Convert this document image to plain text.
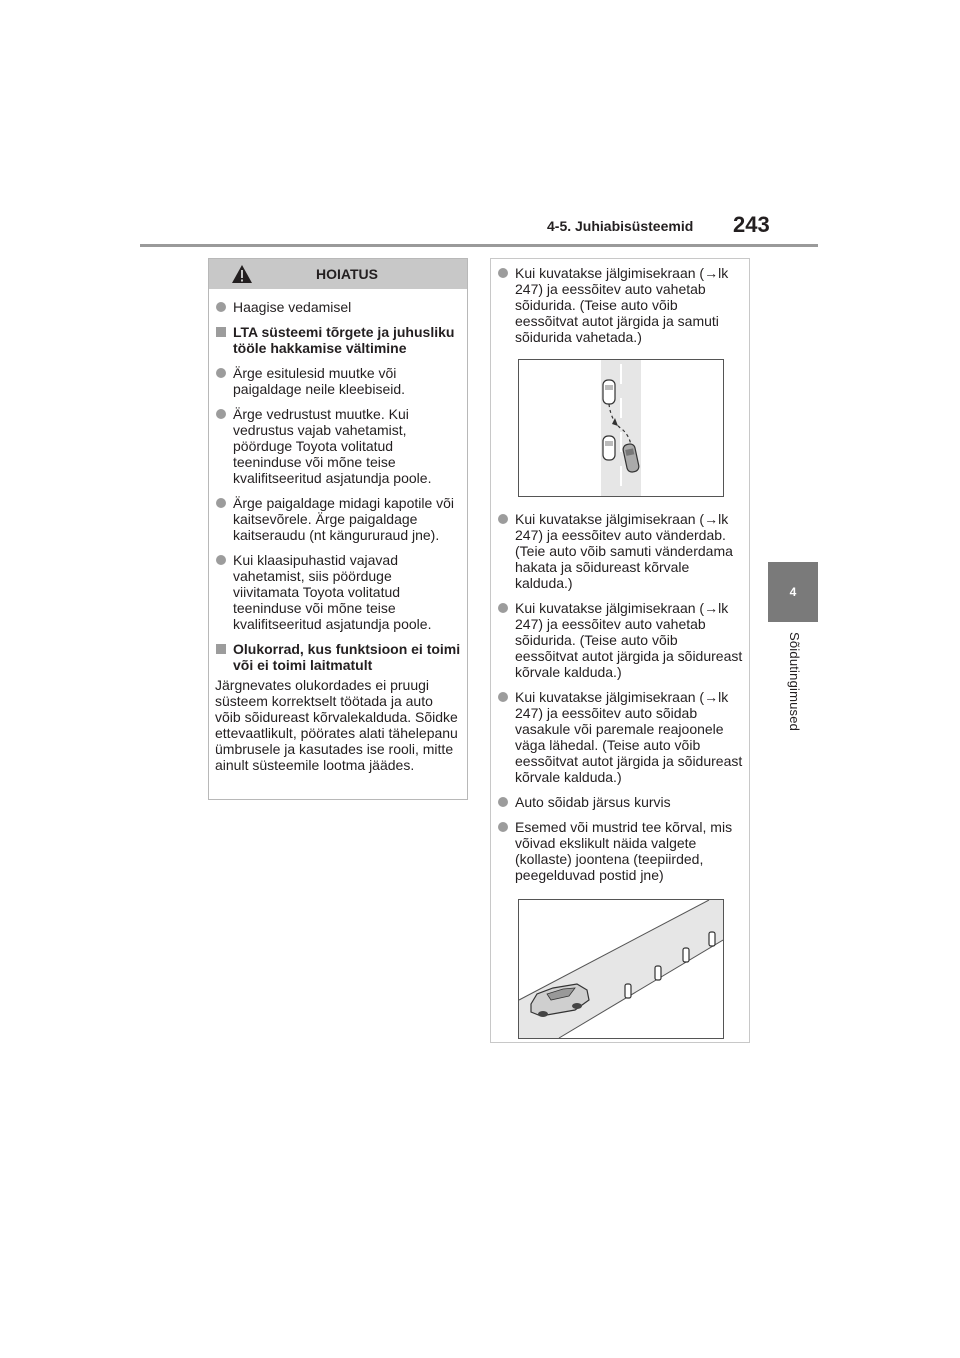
4-5. Juhiabisüsteemid 243
4
Sõidutingimused
HOIATUS
Haagise vedamisel
LTA süsteemi tõrgete ja juhusliku tööle hakkamise vältimine
Ärge esitulesid muutke või paigaldage neile kleebiseid.
Ärge vedrustust muutke. Kui vedrustus vajab vahetamist, pöörduge Toyota volitatud teeninduse või mõne teise kvalifitseeritud asjatundja poole.
Ärge paigaldage midagi kapotile või kaitsevõrele. Ärge paigaldage kaitseraudu (nt kängururaud jne).
Kui klaasipuhastid vajavad vahetamist, siis pöörduge viivitamata Toyota volitatud teeninduse või mõne teise kvalifitseeritud asjatundja poole.
Olukorrad, kus funktsioon ei toimi või ei toimi laitmatult
Järgnevates olukordades ei pruugi süsteem korrektselt töötada ja auto võib sõidureast kõrvalekalduda. Sõidke ettevaatlikult, pöörates alati tähelepanu ümbrusele ja kasutades ise rooli, mitte ainult süsteemile lootma jäädes.
Kui kuvatakse jälgimisekraan (→lk 247) ja eessõitev auto vahetab sõidurida. (Teise auto võib eessõitvat autot järgida ja samuti sõidurida vahetada.)
Kui kuvatakse jälgimisekraan (→lk 247) ja eessõitev auto vänderdab. (Teie auto võib samuti vänderdama hakata ja sõidureast kõrvale kalduda.)
Kui kuvatakse jälgimisekraan (→lk 247) ja eessõitev auto vahetab sõidurida. (Teise auto võib eessõitvat autot järgida ja sõidureast kõrvale kalduda.)
Kui kuvatakse jälgimisekraan (→lk 247) ja eessõitev auto sõidab vasakule või paremale reajoonele väga lähedal. (Teise auto võib eessõitvat autot järgida ja sõidureast kõrvale kalduda.)
Auto sõidab järsus kurvis
Esemed või mustrid tee kõrval, mis võivad ekslikult näida valgete (kollaste) joontena (teepiirded, peegelduvad postid jne)
